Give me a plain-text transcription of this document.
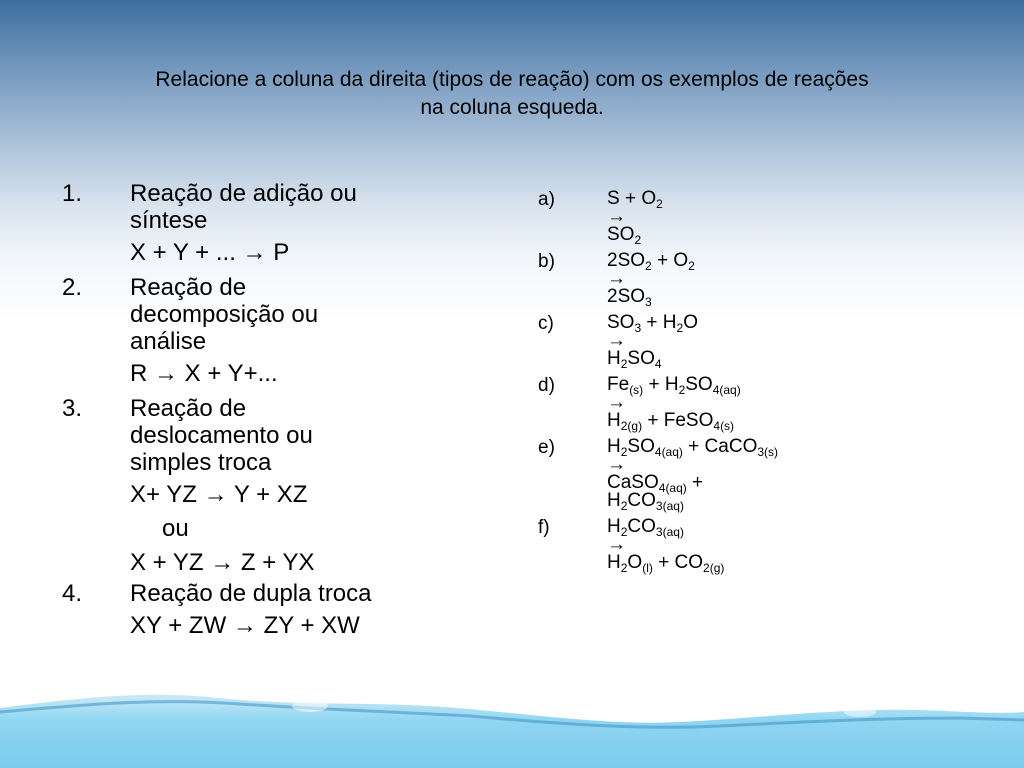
Relacione a coluna da direita (tipos de reação) com os exemplos de reações
na coluna esqueda.
1.	Reação de adição ou
síntese
X + Y + ... → P
2.	Reação de
decomposição ou
análise
R → X + Y+...
3.	Reação de
deslocamento ou
simples troca
X+ YZ → Y + XZ
ou
X + YZ → Z + YX
4.	Reação de dupla troca
XY + ZW → ZY + XW
a)	$S + O_2$
→
$SO_2$
b)	$2SO_2 + O_2$
→
$2SO_3$
c)	$SO_3 + H_2O$
→
$H_2SO_4$
d)	$Fe_{(s)} + H_2SO_{4(aq)}$
→
$H_{2(g)}$ + FeSO$_{4(s)}$
e)	$H_2SO_{4(aq)}$ + CaCO$_{3(s)}$
→
CaSO$_{4(aq)}$ +
$H_2CO_{3(aq)}$
f)	$H_2CO_{3(aq)}$
→
$H_2O_{(l)} + CO_{2(g)}$
